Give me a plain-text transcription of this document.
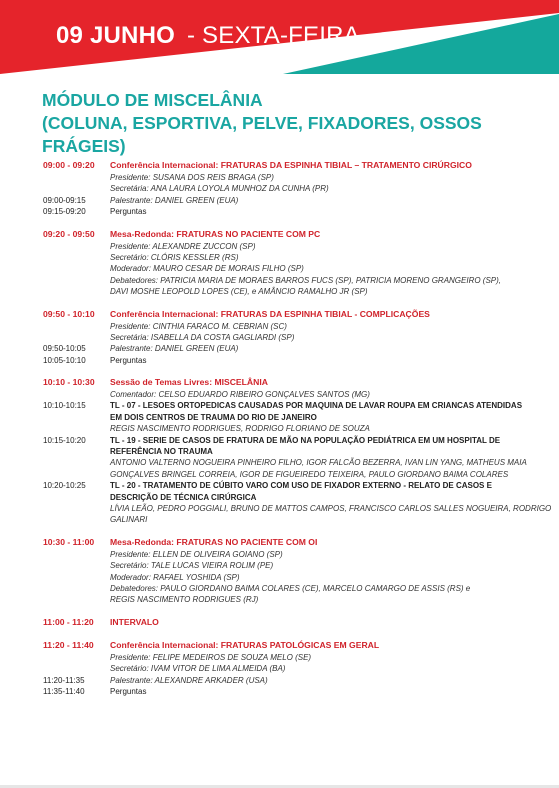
09 JUNHO - SEXTA-FEIRA
MÓDULO DE MISCELÂNIA
(COLUNA, ESPORTIVA, PELVE, FIXADORES, OSSOS FRÁGEIS)
09:00 - 09:20 Conferência Internacional: FRATURAS DA ESPINHA TIBIAL – TRATAMENTO CIRÚRGICO
Presidente: SUSANA DOS REIS BRAGA (SP)
Secretária: ANA LAURA LOYOLA MUNHOZ DA CUNHA (PR)
09:00-09:15	Palestrante: DANIEL GREEN (EUA)
09:15-09:20	Perguntas
09:20 - 09:50 Mesa-Redonda: FRATURAS NO PACIENTE COM PC
Presidente: ALEXANDRE ZUCCON (SP)
Secretário: CLÓRIS KESSLER (RS)
Moderador: MAURO CESAR DE MORAIS FILHO (SP)
Debatedores: PATRICIA MARIA DE MORAES BARROS FUCS (SP), PATRICIA MORENO GRANGEIRO (SP),
DAVI MOSHE LEOPOLD LOPES (CE), e AMÂNCIO RAMALHO JR (SP)
09:50 - 10:10 Conferência Internacional: FRATURAS DA ESPINHA TIBIAL - COMPLICAÇÕES
Presidente: CINTHIA FARACO M. CEBRIAN (SC)
Secretária: ISABELLA DA COSTA GAGLIARDI (SP)
09:50-10:05	Palestrante: DANIEL GREEN (EUA)
10:05-10:10	Perguntas
10:10 - 10:30 Sessão de Temas Livres: MISCELÂNIA
Comentador: CELSO EDUARDO RIBEIRO GONÇALVES SANTOS (MG)
10:10-10:15	TL - 07 - LESOES ORTOPEDICAS CAUSADAS POR MAQUINA DE LAVAR ROUPA EM CRIANCAS ATENDIDAS
EM DOIS CENTROS DE TRAUMA DO RIO DE JANEIRO
REGIS NASCIMENTO RODRIGUES, RODRIGO FLORIANO DE SOUZA
10:15-10:20	TL - 19 - SERIE DE CASOS DE FRATURA DE MÃO NA POPULAÇÃO PEDIÁTRICA EM UM HOSPITAL DE
REFERÊNCIA NO TRAUMA
ANTONIO VALTERNO NOGUEIRA PINHEIRO FILHO, IGOR FALCÃO BEZERRA, IVAN LIN YANG, MATHEUS MAIA
GONÇALVES BRINGEL CORREIA, IGOR DE FIGUEIREDO TEIXEIRA, PAULO GIORDANO BAIMA COLARES
10:20-10:25	TL - 20 - TRATAMENTO DE CÚBITO VARO COM USO DE FIXADOR EXTERNO - RELATO DE CASOS E
DESCRIÇÃO DE TÉCNICA CIRÚRGICA
LÍVIA LEÃO, PEDRO POGGIALI, BRUNO DE MATTOS CAMPOS, FRANCISCO CARLOS SALLES NOGUEIRA, RODRIGO
GALINARI
10:30 - 11:00 Mesa-Redonda: FRATURAS NO PACIENTE COM OI
Presidente: ELLEN DE OLIVEIRA GOIANO (SP)
Secretário: TALE LUCAS VIEIRA ROLIM (PE)
Moderador: RAFAEL YOSHIDA (SP)
Debatedores: PAULO GIORDANO BAIMA COLARES (CE), MARCELO CAMARGO DE ASSIS (RS) e
REGIS NASCIMENTO RODRIGUES (RJ)
11:00 - 11:20 INTERVALO
11:20 - 11:40 Conferência Internacional: FRATURAS PATOLÓGICAS EM GERAL
Presidente: FELIPE MEDEIROS DE SOUZA MELO (SE)
Secretário: IVAM VITOR DE LIMA ALMEIDA (BA)
11:20-11:35	Palestrante: ALEXANDRE ARKADER (USA)
11:35-11:40	Perguntas
